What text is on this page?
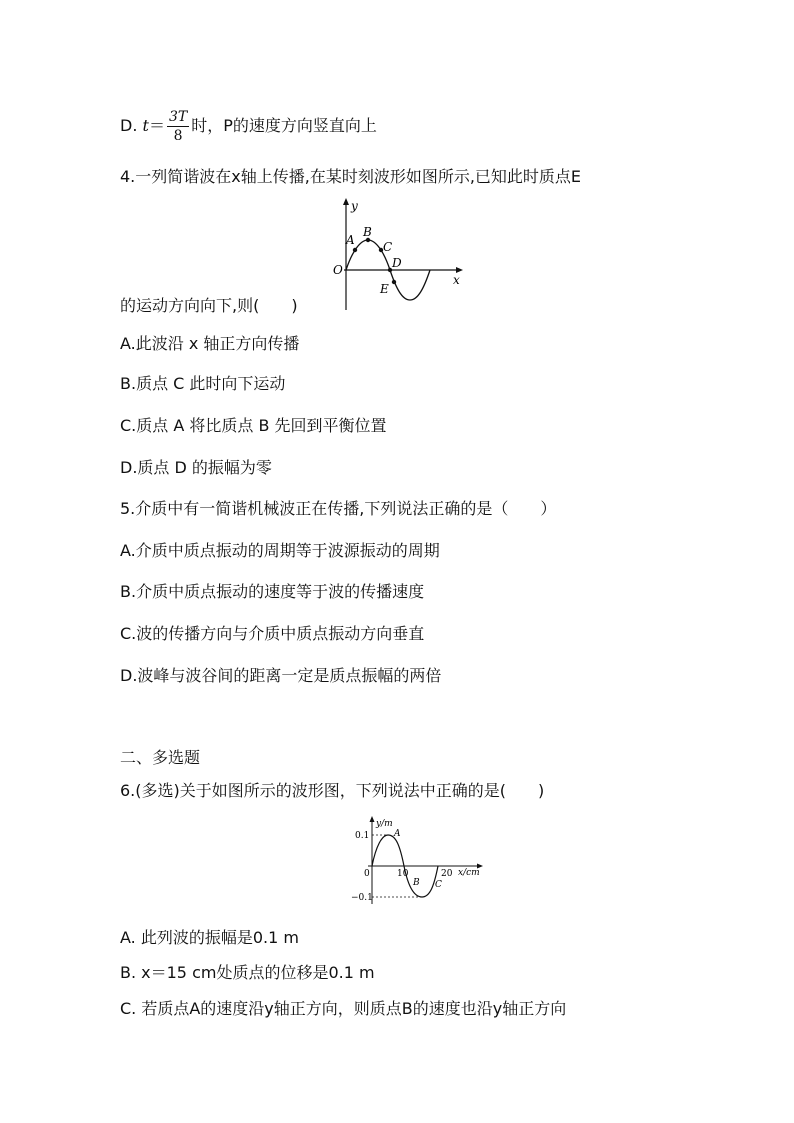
D. $t= \frac{3T}{8}$ 时，P的速度方向竖直向上
4.一列简谐波在x轴上传播,在某时刻波形如图所示,已知此时质点E
y
x
O
A
B
C
D
E
的运动方向向下,则(　　)
A.此波沿 x 轴正方向传播
B.质点 C 此时向下运动
C.质点 A 将比质点 B 先回到平衡位置
D.质点 D 的振幅为零
5.介质中有一简谐机械波正在传播,下列说法正确的是（　　）
A.介质中质点振动的周期等于波源振动的周期
B.介质中质点振动的速度等于波的传播速度
C.波的传播方向与介质中质点振动方向垂直
D.波峰与波谷间的距离一定是质点振幅的两倍
二、多选题
6.(多选)关于如图所示的波形图，下列说法中正确的是(　　)
y/m
x/cm
0.1
−0.1
0	10	20
A
B C
A. 此列波的振幅是0.1 m
B. x＝15 cm处质点的位移是0.1 m
C. 若质点A的速度沿y轴正方向，则质点B的速度也沿y轴正方向
